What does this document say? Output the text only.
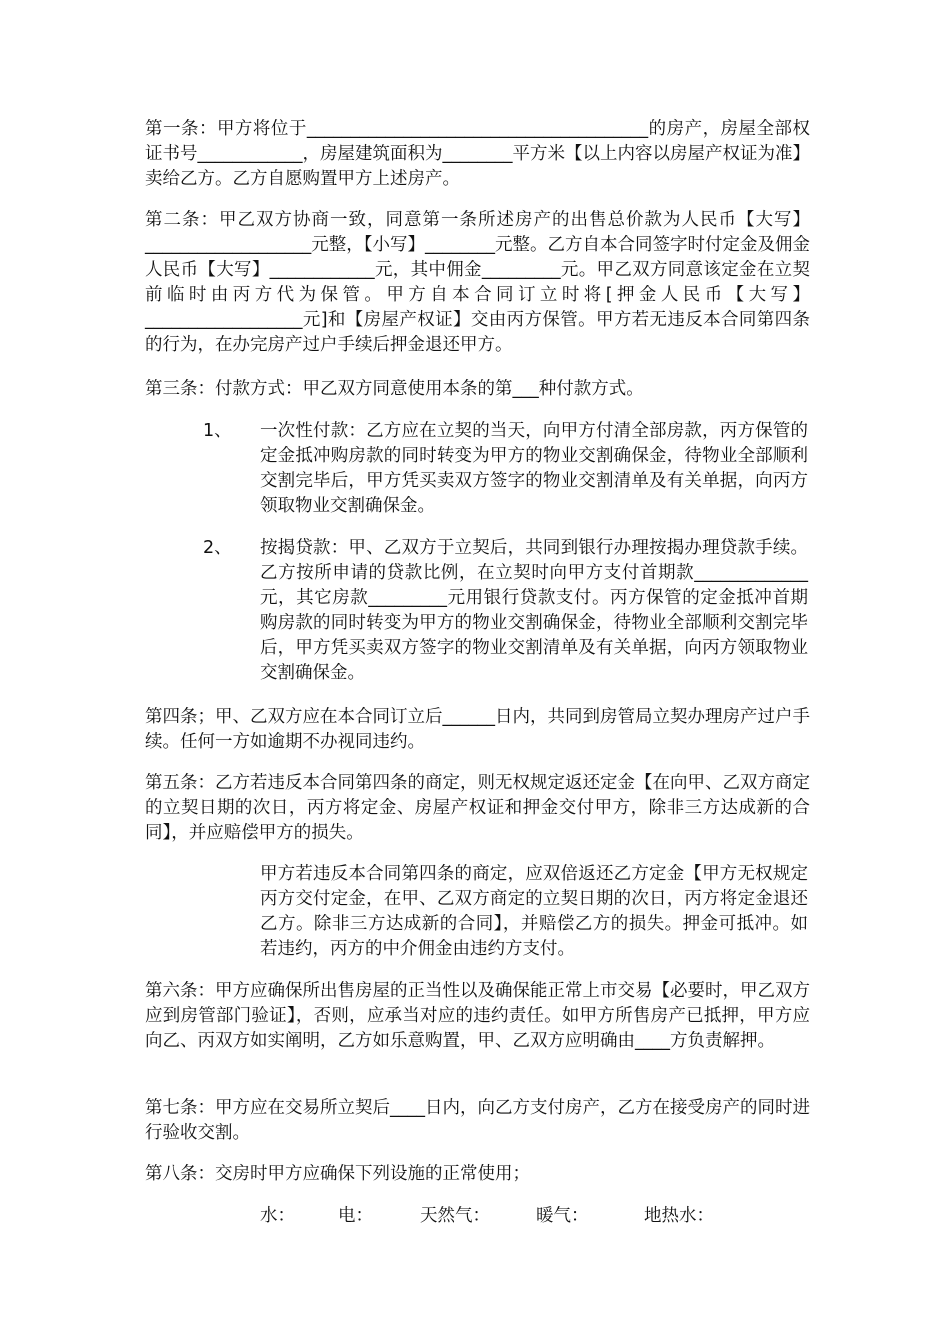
第一条：甲方将位于_______________________________________的房产，房屋全部权证书号____________，房屋建筑面积为________平方米【以上内容以房屋产权证为准】卖给乙方。乙方自愿购置甲方上述房产。

第二条：甲乙双方协商一致，同意第一条所述房产的出售总价款为人民币【大写】___________________元整，【小写】________元整。乙方自本合同签字时付定金及佣金人民币【大写】____________元，其中佣金_________元。甲乙双方同意该定金在立契前临时由丙方代为保管。甲方自本合同订立时将[押金人民币【大写】__________________元]和【房屋产权证】交由丙方保管。甲方若无违反本合同第四条的行为，在办完房产过户手续后押金退还甲方。

第三条：付款方式：甲乙双方同意使用本条的第___种付款方式。

1、 一次性付款：乙方应在立契的当天，向甲方付清全部房款，丙方保管的定金抵冲购房款的同时转变为甲方的物业交割确保金，待物业全部顺利交割完毕后，甲方凭买卖双方签字的物业交割清单及有关单据，向丙方领取物业交割确保金。

2、 按揭贷款：甲、乙双方于立契后，共同到银行办理按揭办理贷款手续。乙方按所申请的贷款比例，在立契时向甲方支付首期款_____________元，其它房款_________元用银行贷款支付。丙方保管的定金抵冲首期购房款的同时转变为甲方的物业交割确保金，待物业全部顺利交割完毕后，甲方凭买卖双方签字的物业交割清单及有关单据，向丙方领取物业交割确保金。

第四条；甲、乙双方应在本合同订立后______日内，共同到房管局立契办理房产过户手续。任何一方如逾期不办视同违约。

第五条：乙方若违反本合同第四条的商定，则无权规定返还定金【在向甲、乙双方商定的立契日期的次日，丙方将定金、房屋产权证和押金交付甲方，除非三方达成新的合同】，并应赔偿甲方的损失。

甲方若违反本合同第四条的商定，应双倍返还乙方定金【甲方无权规定丙方交付定金，在甲、乙双方商定的立契日期的次日，丙方将定金退还乙方。除非三方达成新的合同】，并赔偿乙方的损失。押金可抵冲。如若违约，丙方的中介佣金由违约方支付。

第六条：甲方应确保所出售房屋的正当性以及确保能正常上市交易【必要时，甲乙双方应到房管部门验证】，否则，应承当对应的违约责任。如甲方所售房产已抵押，甲方应向乙、丙双方如实阐明，乙方如乐意购置，甲、乙双方应明确由____方负责解押。

第七条：甲方应在交易所立契后____日内，向乙方支付房产，乙方在接受房产的同时进行验收交割。

第八条：交房时甲方应确保下列设施的正常使用；

水： 电：	天然气：	暖气：	地热水：
